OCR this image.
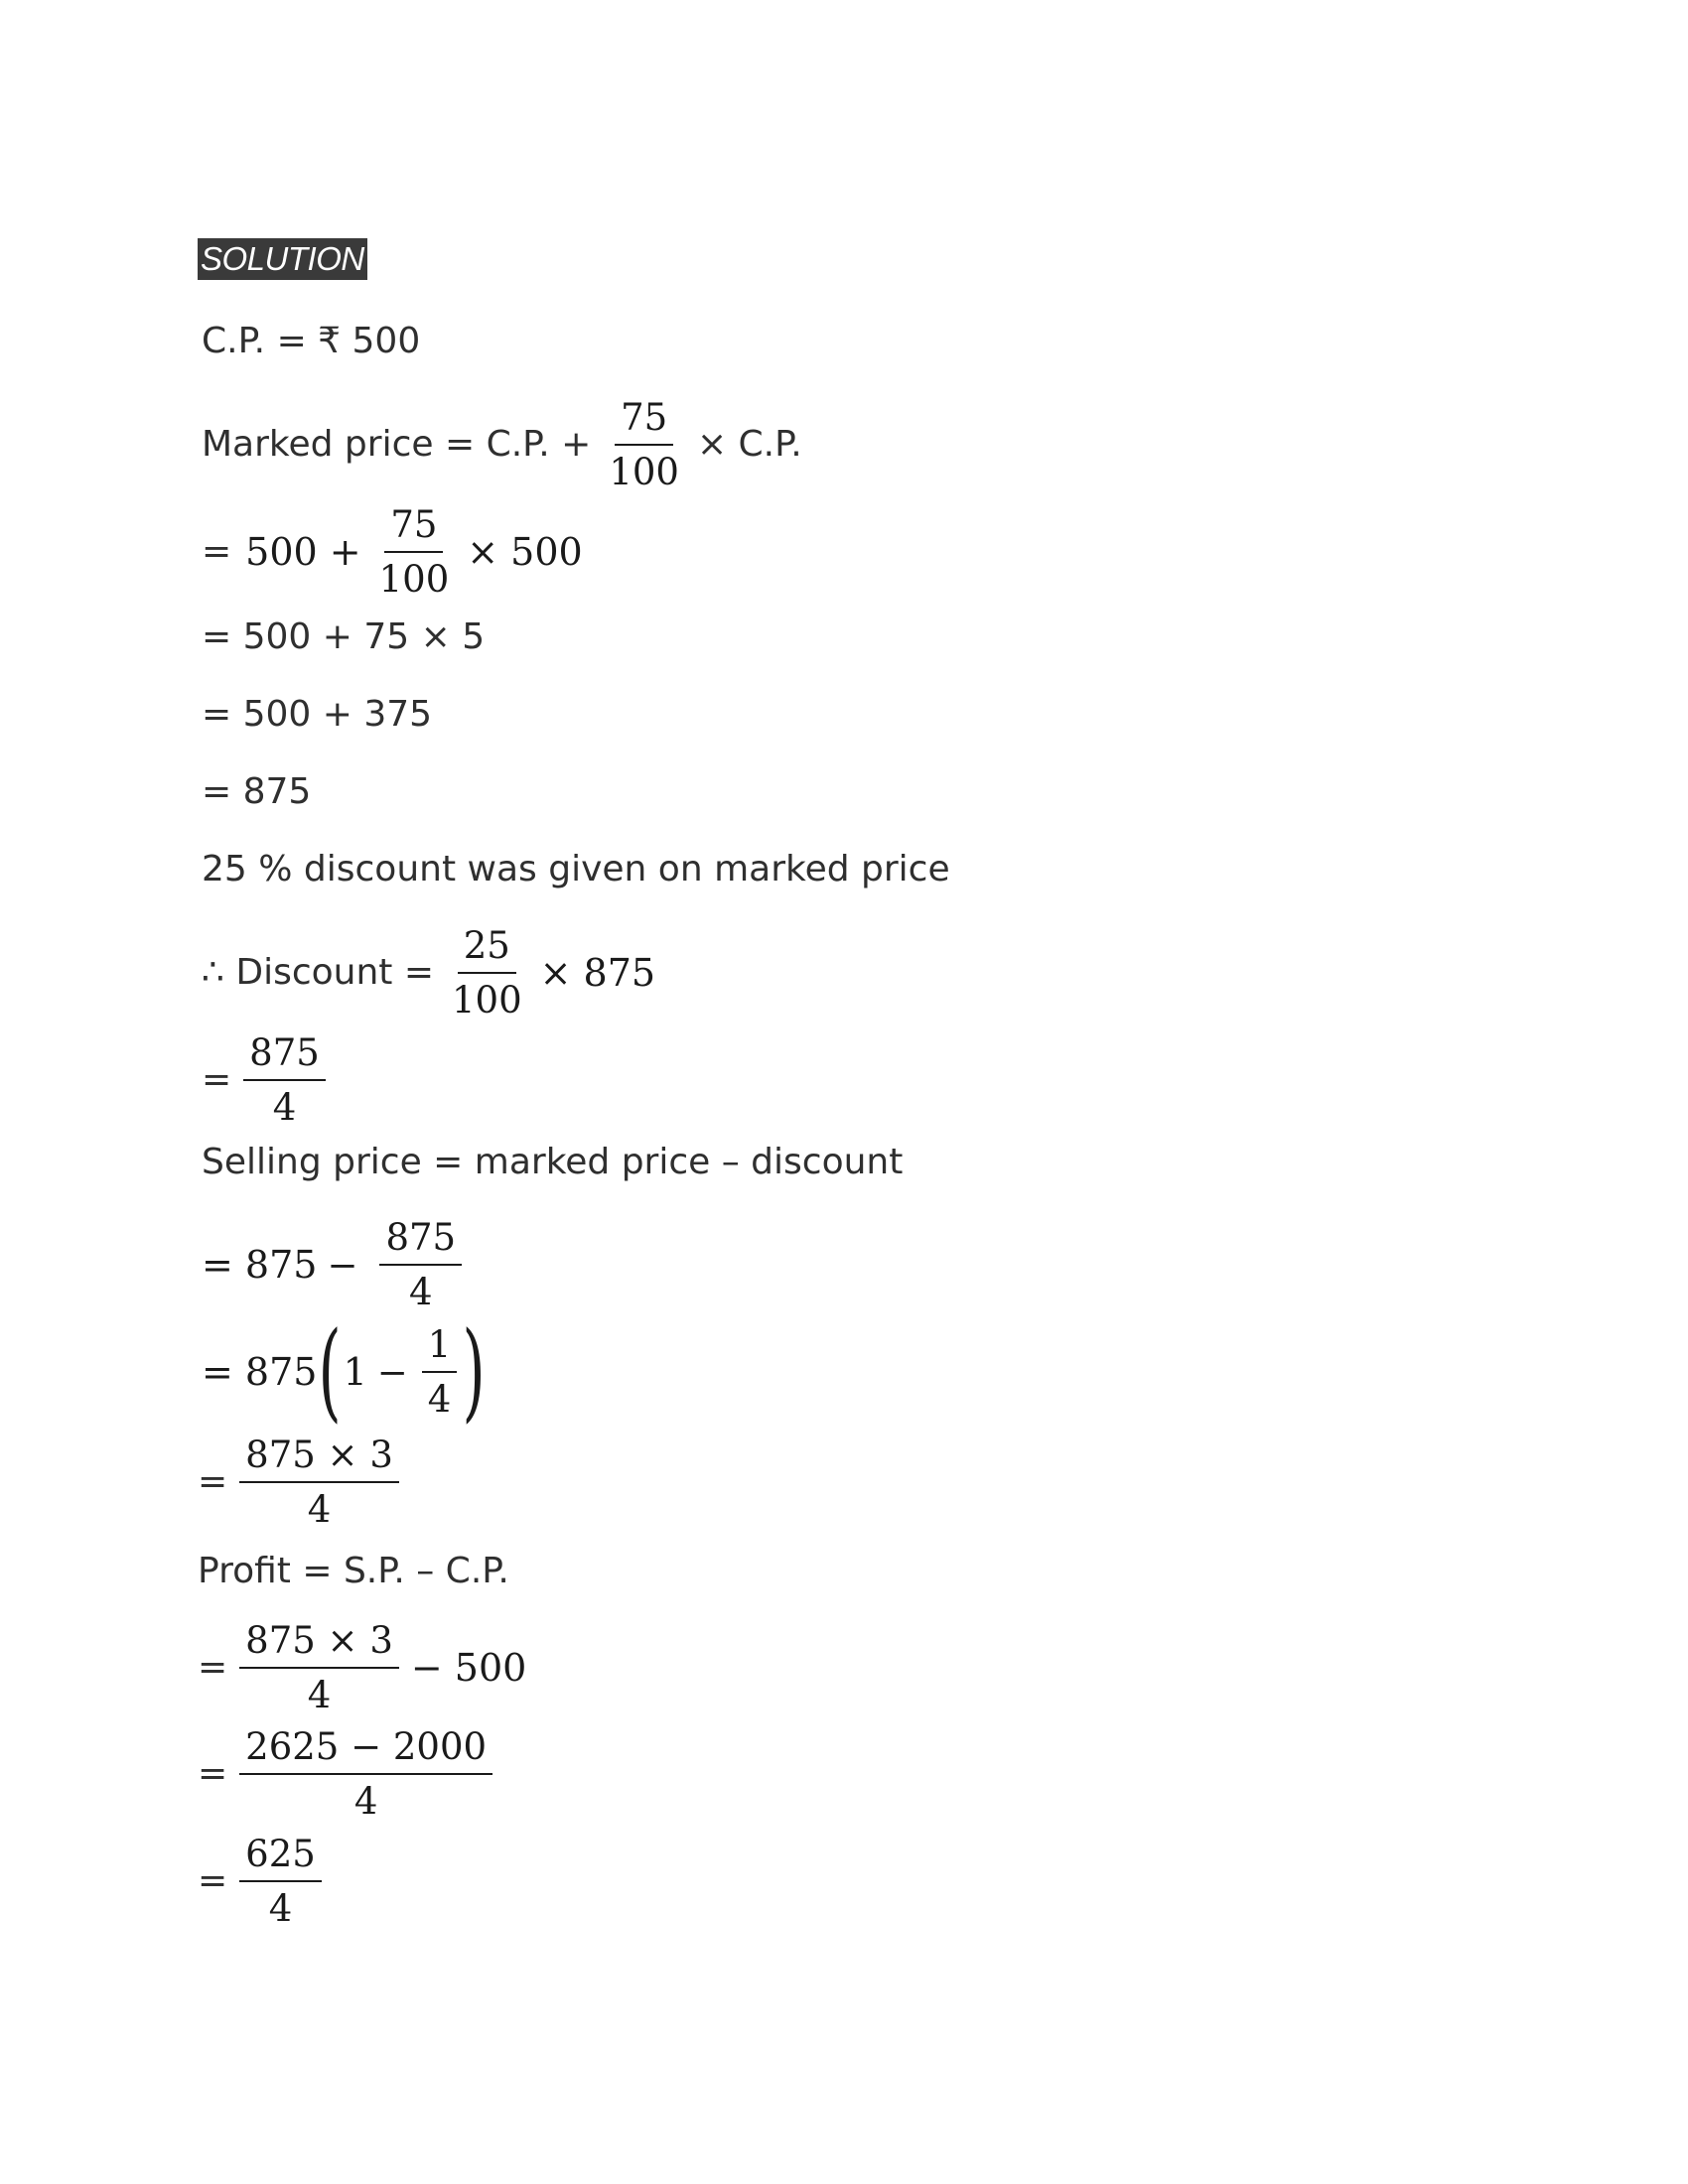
SOLUTION
C.P. = ₹ 500
Marked price = C.P. + $\frac{75}{100} \times C.P$.
= $500 + \frac{75}{100} \times 500$
= 500 + 75 × 5
= 500 + 375
= 875
25 % discount was given on marked price
∴ Discount = $\frac{25}{100} \times 875$
= $\frac{875}{4}$
Selling price = marked price – discount
= $875 - \frac{875}{4}$
= 875 ( $1 - \frac{1}{4}$ )
= $\frac{875 \times 3}{4}$
Profit = S.P. – C.P.
= $\frac{875 \times 3}{4} - 500$
= $\frac{2625 - 2000}{4}$
= $\frac{625}{4}$
